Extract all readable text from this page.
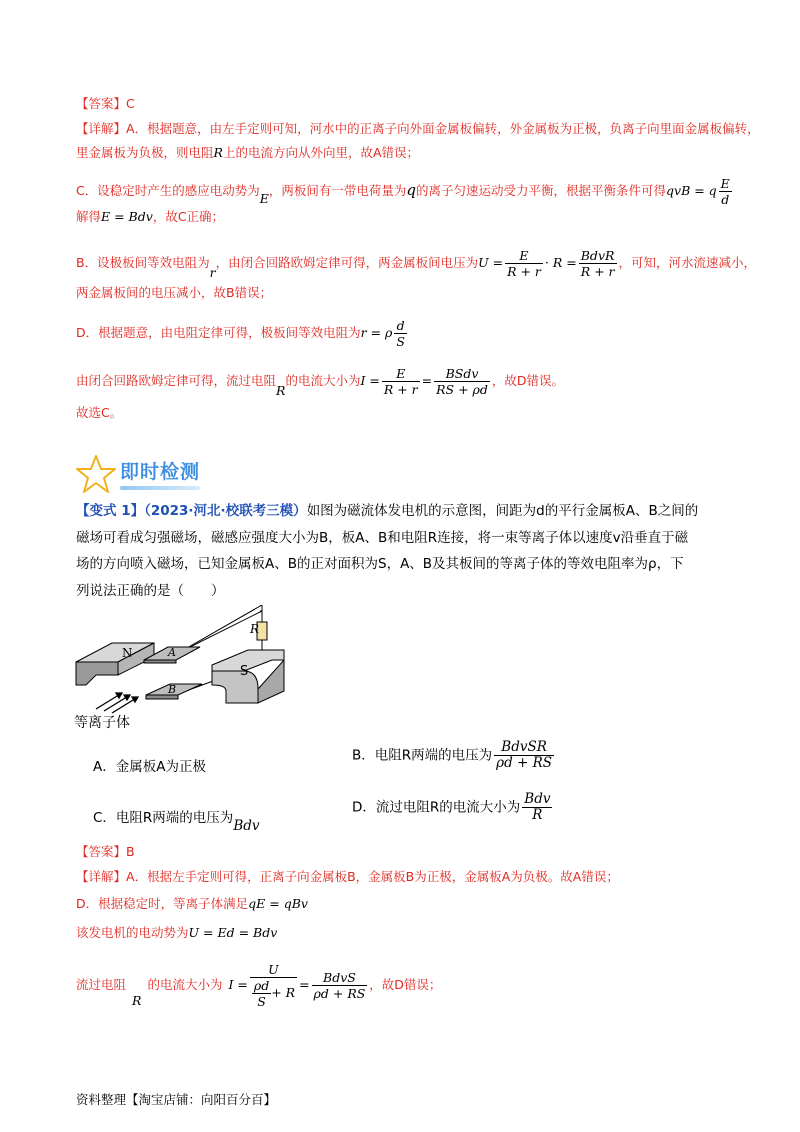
【答案】C
【详解】A．根据题意，由左手定则可知，河水中的正离子向外面金属板偏转，外金属板为正极，负离子向里面金属板偏转，
里金属板为负极，则电阻R上的电流方向从外向里，故A错误；
C．设稳定时产生的感应电动势为E，两板间有一带电荷量为q的离子匀速运动受力平衡，根据平衡条件可得qvB = q $\frac{E}{d}$
解得E = Bdv，故C正确；
B．设极板间等效电阻为r，由闭合回路欧姆定律可得，两金属板间电压为$U = \frac{E}{R + r} \cdot R = \frac{\text{BdvR}}{R + r}$ ，可知，河水流速减小，
两金属板间的电压减小，故B错误；
D．根据题意，由电阻定律可得，极板间等效电阻为r = ρ $\frac{d}{S}$
由闭合回路欧姆定律可得，流过电阻R的电流大小为$I = \frac{E}{R + r} = \frac{\text{BSdv}}{RS + \rho d}$ ，故D错误。
故选C。
即时检测
【变式 1】（2023·河北·校联考三模）如图为磁流体发电机的示意图，间距为d的平行金属板A、B之间的
磁场可看成匀强磁场，磁感应强度大小为B，板A、B和电阻R连接，将一束等离子体以速度v沿垂直于磁
场的方向喷入磁场，已知金属板A、B的正对面积为S，A、B及其板间的等离子体的等效电阻率为ρ，下
列说法正确的是（　　）
R
N	A
S
B
等离子体
A．金属板A为正极
B．电阻R两端的电压为 $\frac{\text{BdvSR}}{\rho d + RS}$
C．电阻R两端的电压为Bdv
D．流过电阻R的电流大小为 $\frac{\text{Bdv}}{R}$
【答案】B
【详解】A．根据左手定则可得，正离子向金属板B，金属板B为正极，金属板A为负极。故A错误；
D．根据稳定时，等离子体满足qE = qBv
该发电机的电动势为U = Ed = Bdv
流过电阻R的电流大小为 $I = \frac{U}{\frac{\rho d}{S} + R} = \frac{\text{BdvS}}{\rho d + RS}$ ，故D错误；
资料整理【淘宝店铺：向阳百分百】
